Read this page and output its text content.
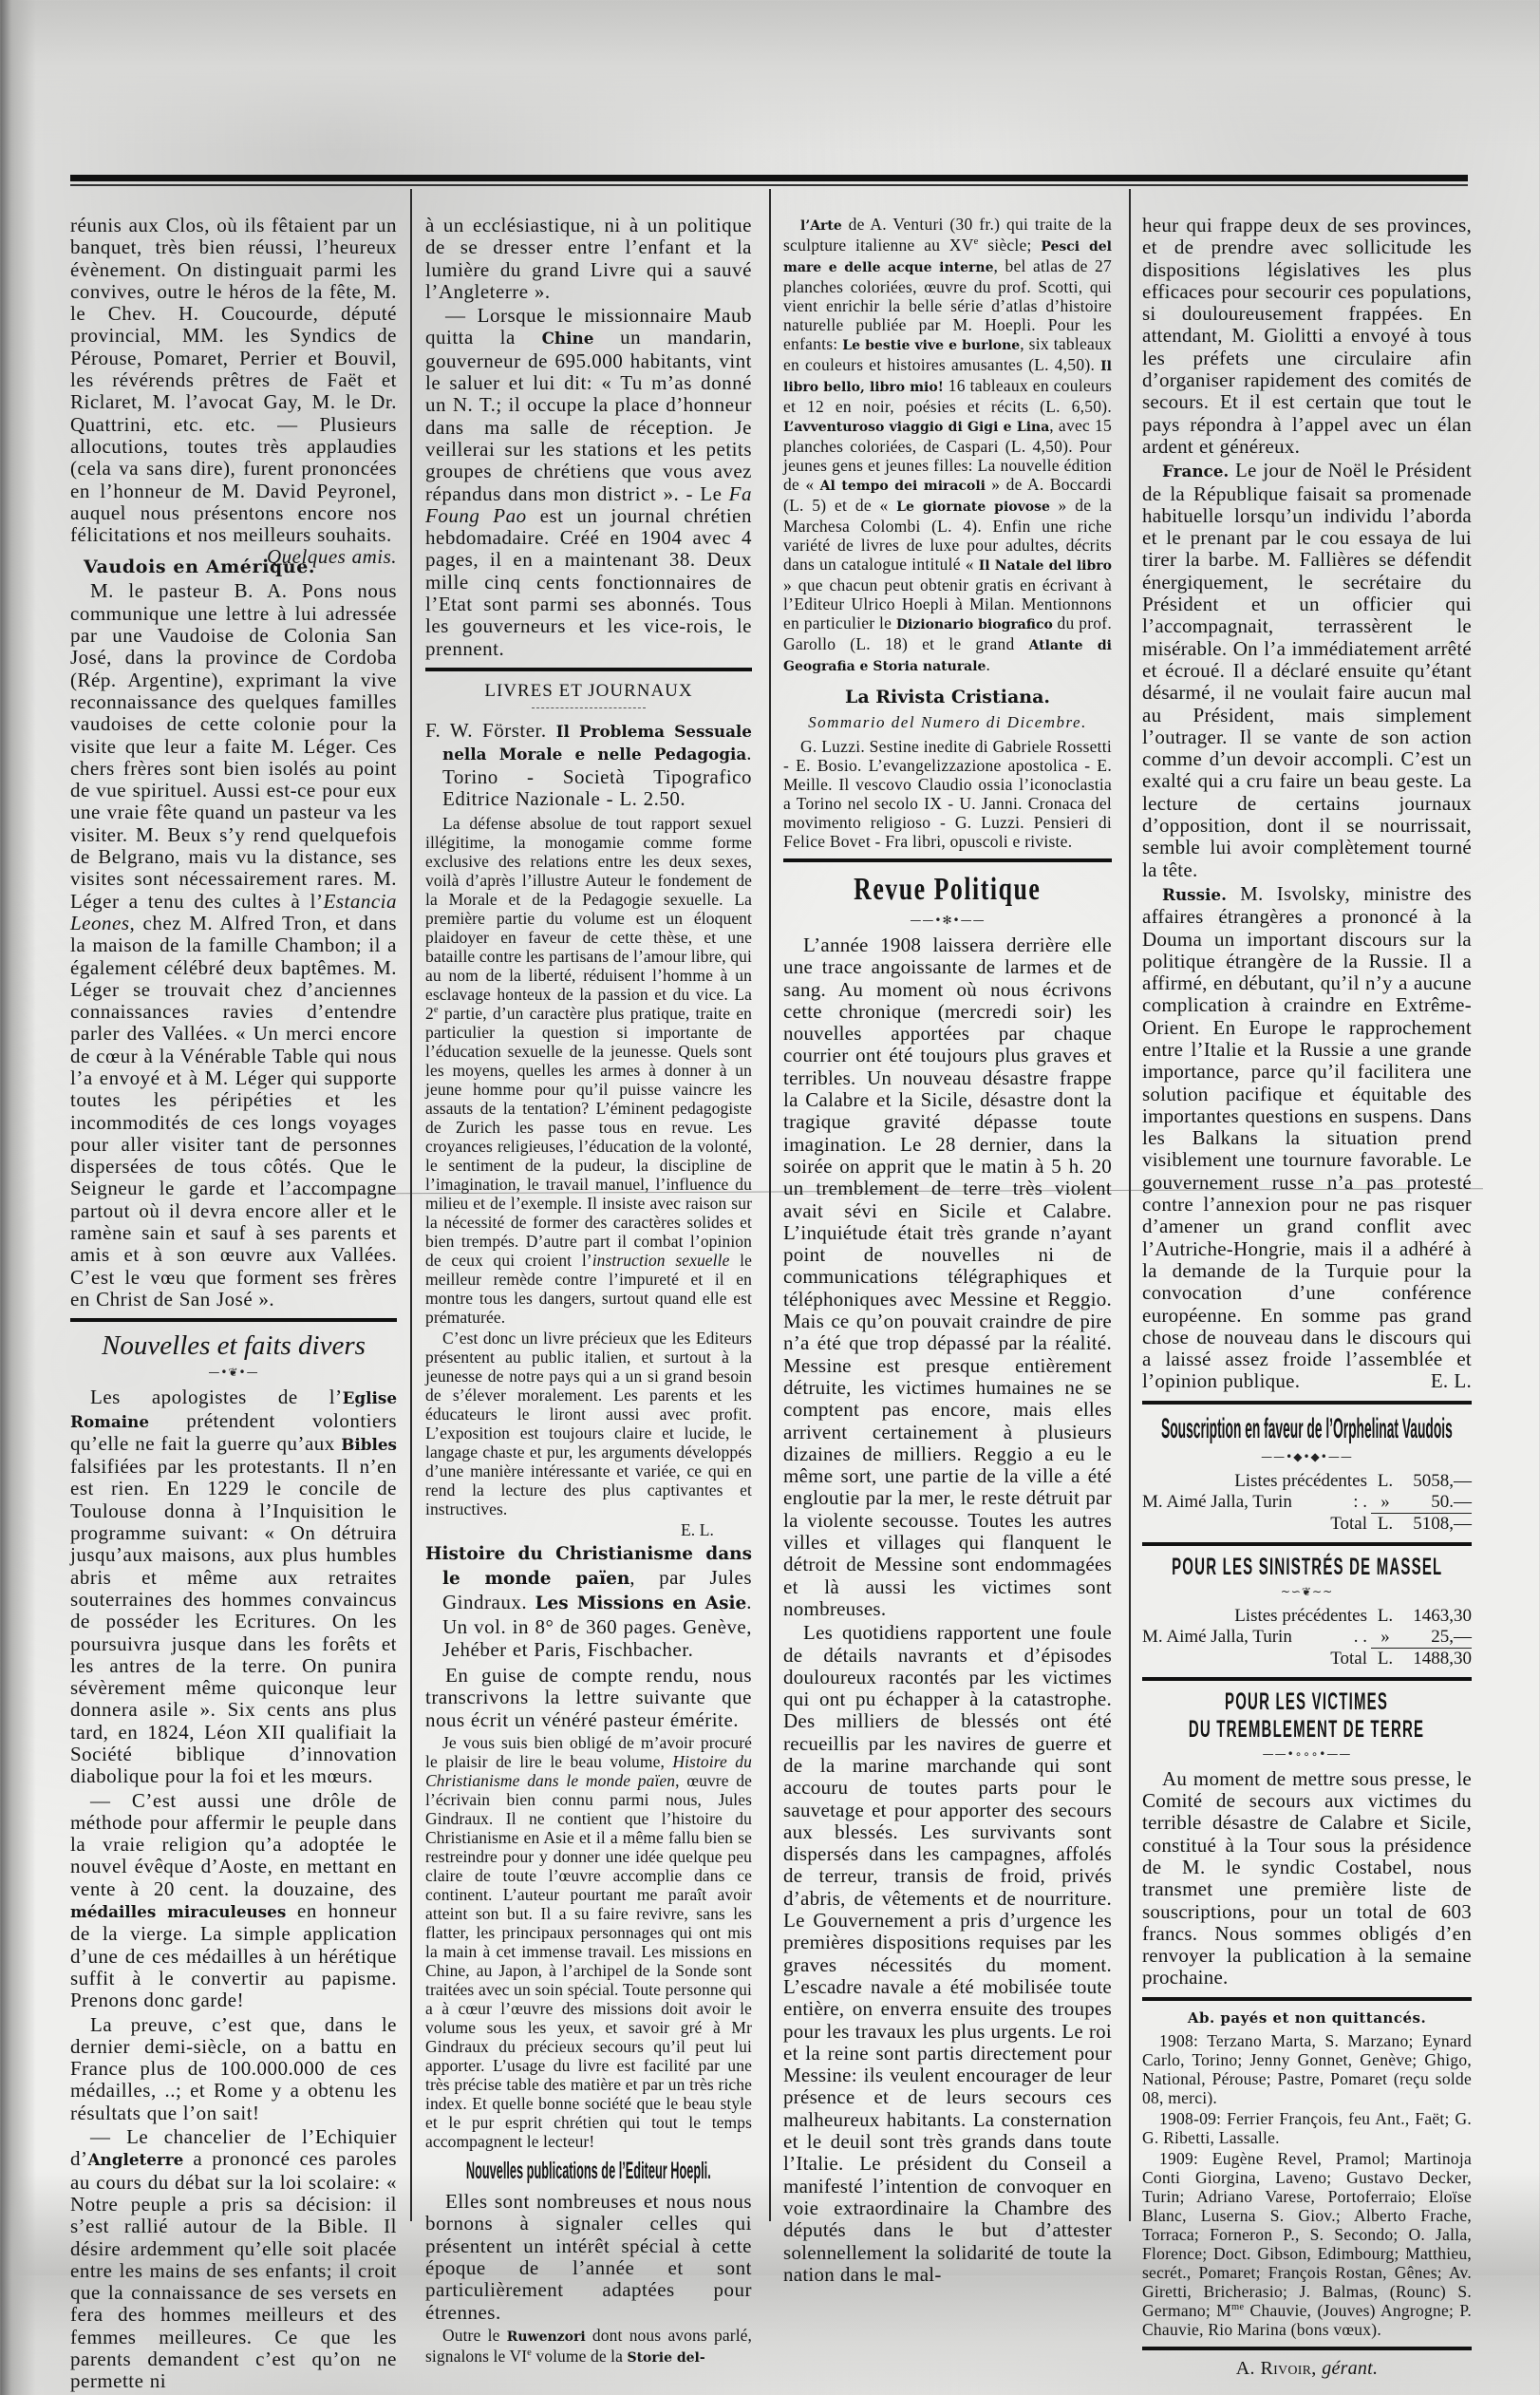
réunis aux Clos, où ils fêtaient par un banquet, très bien réussi, l’heureux évènement. On distinguait parmi les convives, outre le héros de la fête, M. le Chev. H. Coucourde, député provincial, MM. les Syndics de Pérouse, Pomaret, Perrier et Bouvil, les révérends prêtres de Faët et Riclaret, M. l’avocat Gay, M. le Dr. Quattrini, etc. etc. — Plusieurs allocutions, toutes très applaudies (cela va sans dire), furent prononcées en l’honneur de M. David Peyronel, auquel nous présentons encore nos félicitations et nos meilleurs souhaits.
Quelques amis.

Vaudois en Amérique.

M. le pasteur B. A. Pons nous communique une lettre à lui adressée par une Vaudoise de Colonia San José, dans la province de Cordoba (Rép. Argentine), exprimant la vive reconnaissance des quelques familles vaudoises de cette colonie pour la visite que leur a faite M. Léger. Ces chers frères sont bien isolés au point de vue spirituel. Aussi est-ce pour eux une vraie fête quand un pasteur va les visiter. M. Beux s’y rend quelquefois de Belgrano, mais vu la distance, ses visites sont nécessairement rares. M. Léger a tenu des cultes à l’Estancia Leones, chez M. Alfred Tron, et dans la maison de la famille Chambon; il a également célébré deux baptêmes. M. Léger se trouvait chez d’anciennes connaissances ravies d’entendre parler des Vallées. « Un merci encore de cœur à la Vénérable Table qui nous l’a envoyé et à M. Léger qui supporte toutes les péripéties et les incommodités de ces longs voyages pour aller visiter tant de personnes dispersées de tous côtés. Que le Seigneur le garde et l’accompagne partout où il devra encore aller et le ramène sain et sauf à ses parents et amis et à son œuvre aux Vallées. C’est le vœu que forment ses frères en Christ de San José ».

Nouvelles et faits divers
—•❦•—

Les apologistes de l’Eglise Romaine prétendent volontiers qu’elle ne fait la guerre qu’aux Bibles falsifiées par les protestants. Il n’en est rien. En 1229 le concile de Toulouse donna à l’Inquisition le programme suivant: « On détruira jusqu’aux maisons, aux plus humbles abris et même aux retraites souterraines des hommes convaincus de posséder les Ecritures. On les poursuivra jusque dans les forêts et les antres de la terre. On punira sévèrement même quiconque leur donnera asile ». Six cents ans plus tard, en 1824, Léon XII qualifiait la Société biblique d’innovation diabolique pour la foi et les mœurs.

— C’est aussi une drôle de méthode pour affermir le peuple dans la vraie religion qu’a adoptée le nouvel évêque d’Aoste, en mettant en vente à 20 cent. la douzaine, des médailles miraculeuses en honneur de la vierge. La simple application d’une de ces médailles à un hérétique suffit à le convertir au papisme. Prenons donc garde!

La preuve, c’est que, dans le dernier demi-siècle, on a battu en France plus de 100.000.000 de ces médailles, ..; et Rome y a obtenu les résultats que l’on sait!

— Le chancelier de l’Echiquier d’Angleterre a prononcé ces paroles au cours du débat sur la loi scolaire: « Notre peuple a pris sa décision: il s’est rallié autour de la Bible. Il désire ardemment qu’elle soit placée entre les mains de ses enfants; il croit que la connaissance de ses versets en fera des hommes meilleurs et des femmes meilleures. Ce que les parents demandent c’est qu’on ne permette ni

à un ecclésiastique, ni à un politique de se dresser entre l’enfant et la lumière du grand Livre qui a sauvé l’Angleterre ».

— Lorsque le missionnaire Maub quitta la Chine un mandarin, gouverneur de 695.000 habitants, vint le saluer et lui dit: « Tu m’as donné un N. T.; il occupe la place d’honneur dans ma salle de réception. Je veillerai sur les stations et les petits groupes de chrétiens que vous avez répandus dans mon district ». - Le Fa Foung Pao est un journal chrétien hebdomadaire. Créé en 1904 avec 4 pages, il en a maintenant 38. Deux mille cinq cents fonctionnaires de l’Etat sont parmi ses abonnés. Tous les gouverneurs et les vice-rois, le prennent.

LIVRES ET JOURNAUX

F. W. Förster. Il Problema Sessuale nella Morale e nelle Pedagogia. Torino - Società Tipografico Editrice Nazionale - L. 2.50.

La défense absolue de tout rapport sexuel illégitime, la monogamie comme forme exclusive des relations entre les deux sexes, voilà d’après l’illustre Auteur le fondement de la Morale et de la Pedagogie sexuelle. La première partie du volume est un éloquent plaidoyer en faveur de cette thèse, et une bataille contre les partisans de l’amour libre, qui au nom de la liberté, réduisent l’homme à un esclavage honteux de la passion et du vice. La 2e partie, d’un caractère plus pratique, traite en particulier la question si importante de l’éducation sexuelle de la jeunesse. Quels sont les moyens, quelles les armes à donner à un jeune homme pour qu’il puisse vaincre les assauts de la tentation? L’éminent pedagogiste de Zurich les passe tous en revue. Les croyances religieuses, l’éducation de la volonté, le sentiment de la pudeur, la discipline de l’imagination, le travail manuel, l’influence du milieu et de l’exemple. Il insiste avec raison sur la nécessité de former des caractères solides et bien trempés. D’autre part il combat l’opinion de ceux qui croient l’instruction sexuelle le meilleur remède contre l’impureté et il en montre tous les dangers, surtout quand elle est prématurée.

C’est donc un livre précieux que les Editeurs présentent au public italien, et surtout à la jeunesse de notre pays qui a un si grand besoin de s’élever moralement. Les parents et les éducateurs le liront aussi avec profit. L’exposition est toujours claire et lucide, le langage chaste et pur, les arguments développés d’une manière intéressante et variée, ce qui en rend la lecture des plus captivantes et instructives.

E. L.

Histoire du Christianisme dans le monde païen, par Jules Gindraux. Les Missions en Asie. Un vol. in 8° de 360 pages. Genève, Jehéber et Paris, Fischbacher.

En guise de compte rendu, nous transcrivons la lettre suivante que nous écrit un vénéré pasteur émérite.

Je vous suis bien obligé de m’avoir procuré le plaisir de lire le beau volume, Histoire du Christianisme dans le monde païen, œuvre de l’écrivain bien connu parmi nous, Jules Gindraux. Il ne contient que l’histoire du Christianisme en Asie et il a même fallu bien se restreindre pour y donner une idée quelque peu claire de toute l’œuvre accomplie dans ce continent. L’auteur pourtant me paraît avoir atteint son but. Il a su faire revivre, sans les flatter, les principaux personnages qui ont mis la main à cet immense travail. Les missions en Chine, au Japon, à l’archipel de la Sonde sont traitées avec un soin spécial. Toute personne qui a à cœur l’œuvre des missions doit avoir le volume sous les yeux, et savoir gré à Mr Gindraux du précieux secours qu’il peut lui apporter. L’usage du livre est facilité par une très précise table des matière et par un très riche index. Et quelle bonne société que le beau style et le pur esprit chrétien qui tout le temps accompagnent le lecteur!

Nouvelles publications de l’Editeur Hoepli.

Elles sont nombreuses et nous nous bornons à signaler celles qui présentent un intérêt spécial à cette époque de l’année et sont particulièrement adaptées pour étrennes.

Outre le Ruwenzori dont nous avons parlé, signalons le VIe volume de la Storie del-

l’Arte de A. Venturi (30 fr.) qui traite de la sculpture italienne au XVe siècle; Pesci del mare e delle acque interne, bel atlas de 27 planches coloriées, œuvre du prof. Scotti, qui vient enrichir la belle série d’atlas d’histoire naturelle publiée par M. Hoepli. Pour les enfants: Le bestie vive e burlone, six tableaux en couleurs et histoires amusantes (L. 4,50). Il libro bello, libro mio! 16 tableaux en couleurs et 12 en noir, poésies et récits (L. 6,50). L’avventuroso viaggio di Gigi e Lina, avec 15 planches coloriées, de Caspari (L. 4,50). Pour jeunes gens et jeunes filles: La nouvelle édition de « Al tempo dei miracoli » de A. Boccardi (L. 5) et de « Le giornate piovose » de la Marchesa Colombi (L. 4). Enfin une riche variété de livres de luxe pour adultes, décrits dans un catalogue intitulé « Il Natale del libro » que chacun peut obtenir gratis en écrivant à l’Editeur Ulrico Hoepli à Milan. Mentionnons en particulier le Dizionario biografico du prof. Garollo (L. 18) et le grand Atlante di Geografia e Storia naturale.

La Rivista Cristiana.
Sommario del Numero di Dicembre.

G. Luzzi. Sestine inedite di Gabriele Rossetti - E. Bosio. L’evangelizzazione apostolica - E. Meille. Il vescovo Claudio ossia l’iconoclastia a Torino nel secolo IX - U. Janni. Cronaca del movimento religioso - G. Luzzi. Pensieri di Felice Bovet - Fra libri, opuscoli e riviste.

Revue Politique
——•✻•——

L’année 1908 laissera derrière elle une trace angoissante de larmes et de sang. Au moment où nous écrivons cette chronique (mercredi soir) les nouvelles apportées par chaque courrier ont été toujours plus graves et terribles. Un nouveau désastre frappe la Calabre et la Sicile, désastre dont la tragique gravité dépasse toute imagination. Le 28 dernier, dans la soirée on apprit que le matin à 5 h. 20 un tremblement de terre très violent avait sévi en Sicile et Calabre. L’inquiétude était très grande n’ayant point de nouvelles ni de communications télégraphiques et téléphoniques avec Messine et Reggio. Mais ce qu’on pouvait craindre de pire n’a été que trop dépassé par la réalité. Messine est presque entièrement détruite, les victimes humaines ne se comptent pas encore, mais elles arrivent certainement à plusieurs dizaines de milliers. Reggio a eu le même sort, une partie de la ville a été engloutie par la mer, le reste détruit par la violente secousse. Toutes les autres villes et villages qui flanquent le détroit de Messine sont endommagées et là aussi les victimes sont nombreuses.

Les quotidiens rapportent une foule de détails navrants et d’épisodes douloureux racontés par les victimes qui ont pu échapper à la catastrophe. Des milliers de blessés ont été recueillis par les navires de guerre et de la marine marchande qui sont accouru de toutes parts pour le sauvetage et pour apporter des secours aux blessés. Les survivants sont dispersés dans les campagnes, affolés de terreur, transis de froid, privés d’abris, de vêtements et de nourriture. Le Gouvernement a pris d’urgence les premières dispositions requises par les graves nécessités du moment. L’escadre navale a été mobilisée toute entière, on enverra ensuite des troupes pour les travaux les plus urgents. Le roi et la reine sont partis directement pour Messine: ils veulent encourager de leur présence et de leurs secours ces malheureux habitants. La consternation et le deuil sont très grands dans toute l’Italie. Le président du Conseil a manifesté l’intention de convoquer en voie extraordinaire la Chambre des députés dans le but d’attester solennellement la solidarité de toute la nation dans le mal-

heur qui frappe deux de ses provinces, et de prendre avec sollicitude les dispositions législatives les plus efficaces pour secourir ces populations, si douloureusement frappées. En attendant, M. Giolitti a envoyé à tous les préfets une circulaire afin d’organiser rapidement des comités de secours. Et il est certain que tout le pays répondra à l’appel avec un élan ardent et généreux.

France. Le jour de Noël le Président de la République faisait sa promenade habituelle lorsqu’un individu l’aborda et le prenant par le cou essaya de lui tirer la barbe. M. Fallières se défendit énergiquement, le secrétaire du Président et un officier qui l’accompagnait, terrassèrent le misérable. On l’a immédiatement arrêté et écroué. Il a déclaré ensuite qu’étant désarmé, il ne voulait faire aucun mal au Président, mais simplement l’outrager. Il se vante de son action comme d’un devoir accompli. C’est un exalté qui a cru faire un beau geste. La lecture de certains journaux d’opposition, dont il se nourrissait, semble lui avoir complètement tourné la tête.

Russie. M. Isvolsky, ministre des affaires étrangères a prononcé à la Douma un important discours sur la politique étrangère de la Russie. Il a affirmé, en débutant, qu’il n’y a aucune complication à craindre en Extrême-Orient. En Europe le rapprochement entre l’Italie et la Russie a une grande importance, parce qu’il facilitera une solution pacifique et équitable des importantes questions en suspens. Dans les Balkans la situation prend visiblement une tournure favorable. Le gouvernement russe n’a pas protesté contre l’annexion pour ne pas risquer d’amener un grand conflit avec l’Autriche-Hongrie, mais il a adhéré à la demande de la Turquie pour la convocation d’une conférence européenne. En somme pas grand chose de nouveau dans le discours qui a laissé assez froide l’assemblée et l’opinion publique.	E. L.

Souscription en faveur de l’Orphelinat Vaudois
——•◆•◆•——
Listes précédentes L.	5058,—
M. Aimé Jalla, Turin	: . »	50.—
Total L.	5108,—
POUR LES SINISTRÉS DE MASSEL
~∽❦∼~
Listes précédentes L.	1463,30
M. Aimé Jalla, Turin	. . »	25,—
Total L.	1488,30
POUR LES VICTIMES
DU TREMBLEMENT DE TERRE
——•∘∘∘•——

Au moment de mettre sous presse, le Comité de secours aux victimes du terrible désastre de Calabre et Sicile, constitué à la Tour sous la présidence de M. le syndic Costabel, nous transmet une première liste de souscriptions, pour un total de 603 francs. Nous sommes obligés d’en renvoyer la publication à la semaine prochaine.

Ab. payés et non quittancés.

1908: Terzano Marta, S. Marzano; Eynard Carlo, Torino; Jenny Gonnet, Genève; Ghigo, National, Pérouse; Pastre, Pomaret (reçu solde 08, merci).

1908-09: Ferrier François, feu Ant., Faët; G. G. Ribetti, Lassalle.

1909: Eugène Revel, Pramol; Martinoja Conti Giorgina, Laveno; Gustavo Decker, Turin; Adriano Varese, Portoferraio; Eloïse Blanc, Luserna S. Giov.; Alberto Frache, Torraca; Forneron P., S. Secondo; O. Jalla, Florence; Doct. Gibson, Edimbourg; Matthieu, secrét., Pomaret; François Rostan, Gênes; Av. Giretti, Bricherasio; J. Balmas, (Rounc) S. Germano; $M^{me}$ Chauvie, (Jouves) Angrogne; P. Chauvie, Rio Marina (bons vœux).

A. Rivoir, gérant.
